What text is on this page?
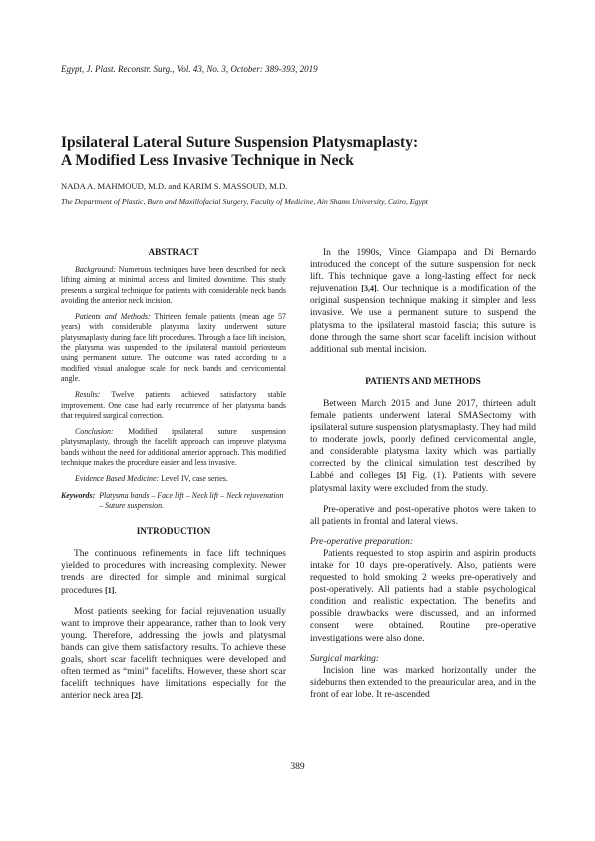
Egypt, J. Plast. Reconstr. Surg., Vol. 43, No. 3, October: 389-393, 2019
Ipsilateral Lateral Suture Suspension Platysmaplasty:
A Modified Less Invasive Technique in Neck
NADA A. MAHMOUD, M.D. and KARIM S. MASSOUD, M.D.
The Department of Plastic, Burn and Maxillofacial Surgery, Faculty of Medicine, Ain Shams University, Cairo, Egypt
ABSTRACT

Background: Numerous techniques have been described for neck lifting aiming at minimal access and limited downtime. This study presents a surgical technique for patients with considerable neck bands avoiding the anterior neck incision.

Patients and Methods: Thirteen female patients (mean age 57 years) with considerable platysma laxity underwent suture platysmaplasty during face lift procedures. Through a face lift incision, the platysma was suspended to the ipsilateral mastoid periosteum using permanent suture. The outcome was rated according to a modified visual analogue scale for neck bands and cervicomental angle.

Results: Twelve patients achieved satisfactory stable improvement. One case had early recurrence of her platysma bands that required surgical correction.

Conclusion: Modified ipsilateral suture suspension platysmaplasty, through the facelift approach can improve platysma bands without the need for additional anterior approach. This modified technique makes the procedure easier and less invasive.

Evidence Based Medicine: Level IV, case series.

Keywords: Platysma bands – Face lift – Neck lift – Neck rejuvenation – Suture suspension.
INTRODUCTION

The continuous refinements in face lift techniques yielded to procedures with increasing complexity. Newer trends are directed for simple and minimal surgical procedures [1].

Most patients seeking for facial rejuvenation usually want to improve their appearance, rather than to look very young. Therefore, addressing the jowls and platysmal bands can give them satisfactory results. To achieve these goals, short scar facelift techniques were developed and often termed as “mini” facelifts. However, these short scar facelift techniques have limitations especially for the anterior neck area [2].

In the 1990s, Vince Giampapa and Di Bernardo introduced the concept of the suture suspension for neck lift. This technique gave a long-lasting effect for neck rejuvenation [3,4]. Our technique is a modification of the original suspension technique making it simpler and less invasive. We use a permanent suture to suspend the platysma to the ipsilateral mastoid fascia; this suture is done through the same short scar facelift incision without additional sub mental incision.

PATIENTS AND METHODS

Between March 2015 and June 2017, thirteen adult female patients underwent lateral SMASectomy with ipsilateral suture suspension platysmaplasty. They had mild to moderate jowls, poorly defined cervicomental angle, and considerable platysma laxity which was partially corrected by the clinical simulation test described by Labbé and colleges [5] Fig. (1). Patients with severe platysmal laxity were excluded from the study.

Pre-operative and post-operative photos were taken to all patients in frontal and lateral views.

Pre-operative preparation:

Patients requested to stop aspirin and aspirin products intake for 10 days pre-operatively. Also, patients were requested to hold smoking 2 weeks pre-operatively and post-operatively. All patients had a stable psychological condition and realistic expectation. The benefits and possible drawbacks were discussed, and an informed consent were obtained. Routine pre-operative investigations were also done.

Surgical marking:

Incision line was marked horizontally under the sideburns then extended to the preauricular area, and in the front of ear lobe. It re-ascended

389
